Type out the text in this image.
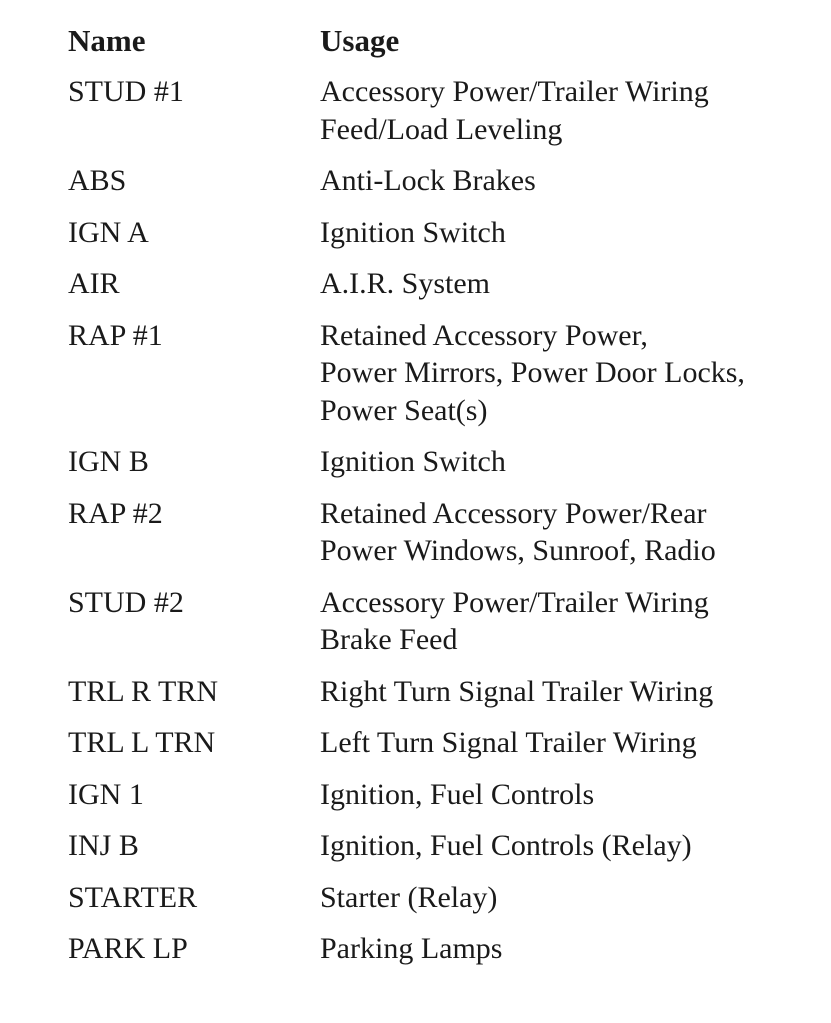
Name	Usage
STUD #1	Accessory Power/Trailer Wiring
Feed/Load Leveling
ABS	Anti-Lock Brakes
IGN A	Ignition Switch
AIR	A.I.R. System
RAP #1	Retained Accessory Power,
Power Mirrors, Power Door Locks,
Power Seat(s)
IGN B	Ignition Switch
RAP #2	Retained Accessory Power/Rear
Power Windows, Sunroof, Radio
STUD #2	Accessory Power/Trailer Wiring
Brake Feed
TRL R TRN	Right Turn Signal Trailer Wiring
TRL L TRN	Left Turn Signal Trailer Wiring
IGN 1	Ignition, Fuel Controls
INJ B	Ignition, Fuel Controls (Relay)
STARTER	Starter (Relay)
PARK LP	Parking Lamps
